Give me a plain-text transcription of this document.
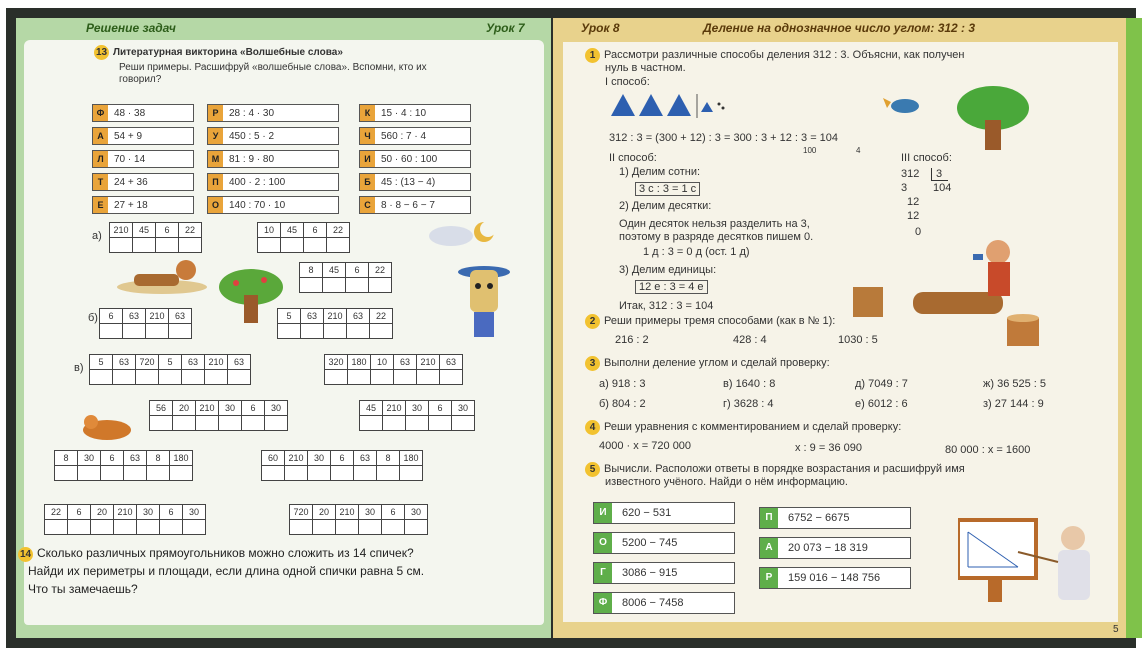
Решение задач	Урок 7
13 Литературная викторина «Волшебные слова»
Реши примеры. Расшифруй «волшебные слова». Вспомни, кто их
говорил?
Ф 48 · 38	Р	28 : 4 · 30	К	15 · 4 : 10
А	54 + 9	У	450 : 5 · 2	Ч	560 : 7 · 4
Л	70 · 14	М 81 : 9 · 80	И	50 · 60 : 100
Т	24 + 36	П	400 · 2 : 100	Б	45 : (13 − 4)
Е	27 + 18	О	140 : 70 · 10	С	8 · 8 − 6 − 7
а)
б)
в)
210	45	6	22
				10	45	6	22

8	45	6	22

6	63	210	63
				5	63	210	63	22

5	63	720	5	63	210	63
							320	180	10	63	210	63

56	20	210	30	6	30
						45	210	30	6	30

8	30	6	63	8	180
						60	210	30	6	63	8	180

22	6	20	210	30	6	30
							720	20	210	30	6	30

14 Сколько различных прямоугольников можно сложить из 14 спичек?
Найди их периметры и площади, если длина одной спички равна 5 см.
Что ты замечаешь?
Урок 8	Деление на однозначное число углом: 312 : 3
1 Рассмотри различные способы деления 312 : 3. Объясни, как получен
нуль в частном.
I способ:
312 : 3 = (300 + 12) : 3 = 300 : 3 + 12 : 3 = 104
100	4
II способ:
1) Делим сотни:
3 с : 3 = 1 с
2) Делим десятки:
Один десяток нельзя разделить на 3,
поэтому в разряде десятков пишем 0.
1 д : 3 = 0 д (ост. 1 д)
3) Делим единицы:
12 е : 3 = 4 е
Итак, 312 : 3 = 104
III способ:
312	3
104
3
12
12
0
2 Реши примеры тремя способами (как в № 1):
216 : 2	428 : 4	1030 : 5
3 Выполни деление углом и сделай проверку:
а) 918 : 3	в) 1640 : 8	д) 7049 : 7	ж) 36 525 : 5
б) 804 : 2	г) 3628 : 4	е) 6012 : 6	з) 27 144 : 9
4 Реши уравнения с комментированием и сделай проверку:
4000 · x = 720 000	x : 9 = 36 090	80 000 : x = 1600
5 Вычисли. Расположи ответы в порядке возрастания и расшифруй имя
известного учёного. Найди о нём информацию.
И	620 − 531	П	6752 − 6675
О	5200 − 745	А	20 073 − 18 319
Г	3086 − 915	Р	159 016 − 148 756
Ф	8006 − 7458
5
